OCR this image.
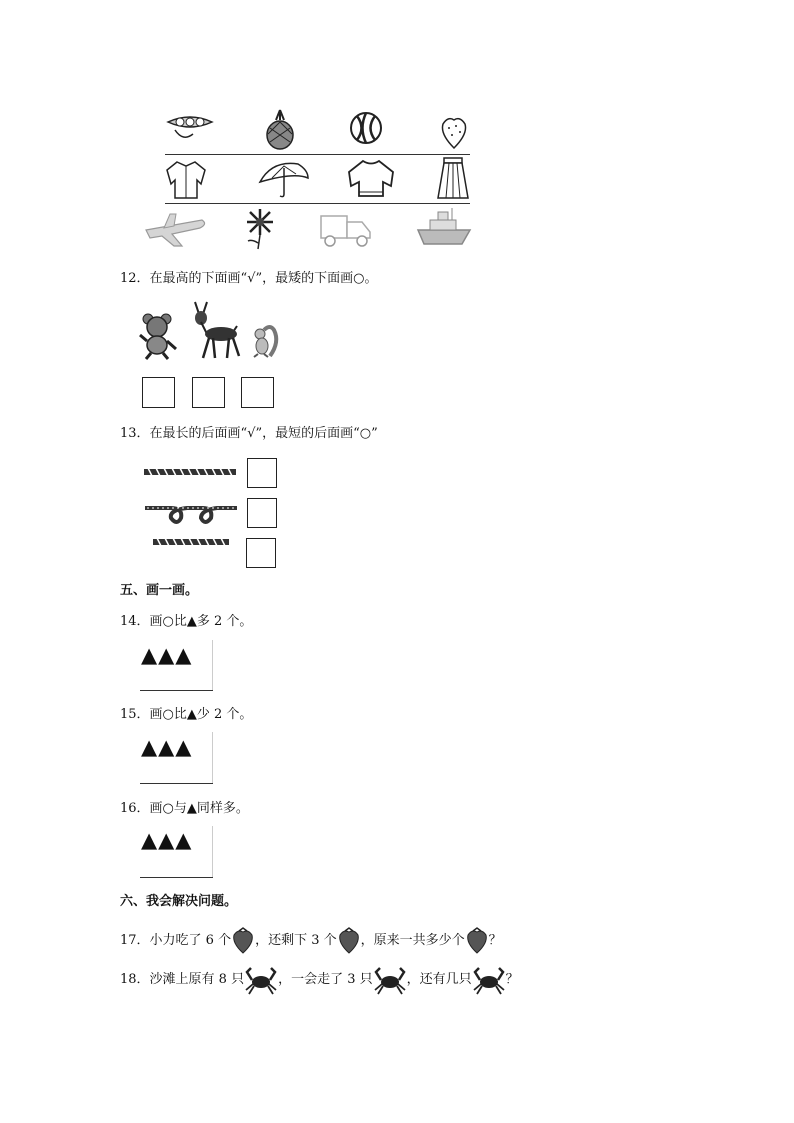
12．在最高的下面画“√”，最矮的下面画○。
13．在最长的后面画“√”，最短的后面画“○”
五、画一画。
14．画○比▲多 2 个。
▲▲▲
15．画○比▲少 2 个。
▲▲▲
16．画○与▲同样多。
▲▲▲
六、我会解决问题。
17．小力吃了 6 个 ，还剩下 3 个 ，原来一共多少个 ？
18．沙滩上原有 8 只	，一会走了 3 只	，还有几只	？
